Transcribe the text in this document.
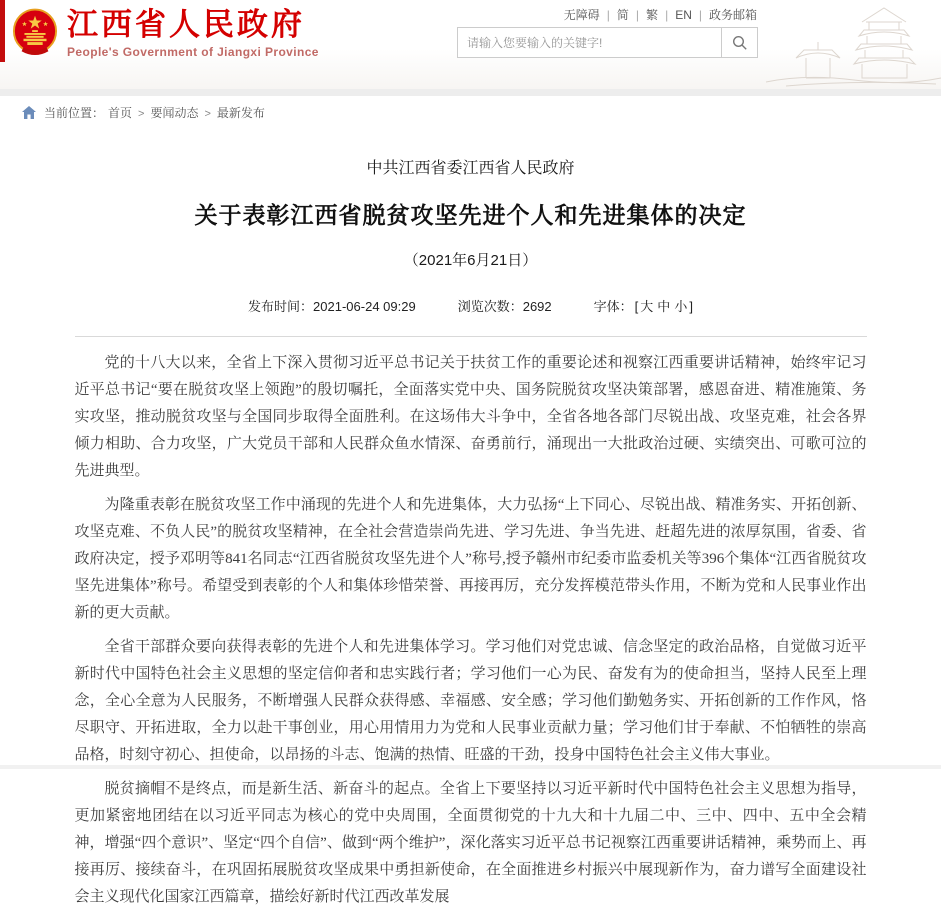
江西省人民政府
People's Government of Jiangxi Province
无障碍 | 简 | 繁 | EN | 政务邮箱
请输入您要输入的关键字!
当前位置： 首页	> 要闻动态	> 最新发布
中共江西省委江西省人民政府
关于表彰江西省脱贫攻坚先进个人和先进集体的决定
（2021年6月21日）
发布时间：2021-06-24 09:29	浏览次数：2692	字体： [ 大 中 小 ]

党的十八大以来，全省上下深入贯彻习近平总书记关于扶贫工作的重要论述和视察江西重要讲话精神，始终牢记习近平总书记“要在脱贫攻坚上领跑”的殷切嘱托，全面落实党中央、国务院脱贫攻坚决策部署，感恩奋进、精准施策、务实攻坚，推动脱贫攻坚与全国同步取得全面胜利。在这场伟大斗争中，全省各地各部门尽锐出战、攻坚克难，社会各界倾力相助、合力攻坚，广大党员干部和人民群众鱼水情深、奋勇前行，涌现出一大批政治过硬、实绩突出、可歌可泣的先进典型。

为隆重表彰在脱贫攻坚工作中涌现的先进个人和先进集体，大力弘扬“上下同心、尽锐出战、精准务实、开拓创新、攻坚克难、不负人民”的脱贫攻坚精神，在全社会营造崇尚先进、学习先进、争当先进、赶超先进的浓厚氛围，省委、省政府决定，授予邓明等841名同志“江西省脱贫攻坚先进个人”称号,授予赣州市纪委市监委机关等396个集体“江西省脱贫攻坚先进集体”称号。希望受到表彰的个人和集体珍惜荣誉、再接再厉，充分发挥模范带头作用，不断为党和人民事业作出新的更大贡献。

全省干部群众要向获得表彰的先进个人和先进集体学习。学习他们对党忠诚、信念坚定的政治品格，自觉做习近平新时代中国特色社会主义思想的坚定信仰者和忠实践行者；学习他们一心为民、奋发有为的使命担当，坚持人民至上理念，全心全意为人民服务，不断增强人民群众获得感、幸福感、安全感；学习他们勤勉务实、开拓创新的工作作风，恪尽职守、开拓进取，全力以赴干事创业，用心用情用力为党和人民事业贡献力量；学习他们甘于奉献、不怕牺牲的崇高品格，时刻守初心、担使命，以昂扬的斗志、饱满的热情、旺盛的干劲，投身中国特色社会主义伟大事业。

脱贫摘帽不是终点，而是新生活、新奋斗的起点。全省上下要坚持以习近平新时代中国特色社会主义思想为指导，更加紧密地团结在以习近平同志为核心的党中央周围，全面贯彻党的十九大和十九届二中、三中、四中、五中全会精神，增强“四个意识”、坚定“四个自信”、做到“两个维护”，深化落实习近平总书记视察江西重要讲话精神，乘势而上、再接再厉、接续奋斗，在巩固拓展脱贫攻坚成果中勇担新使命，在全面推进乡村振兴中展现新作为，奋力谱写全面建设社会主义现代化国家江西篇章，描绘好新时代江西改革发展
